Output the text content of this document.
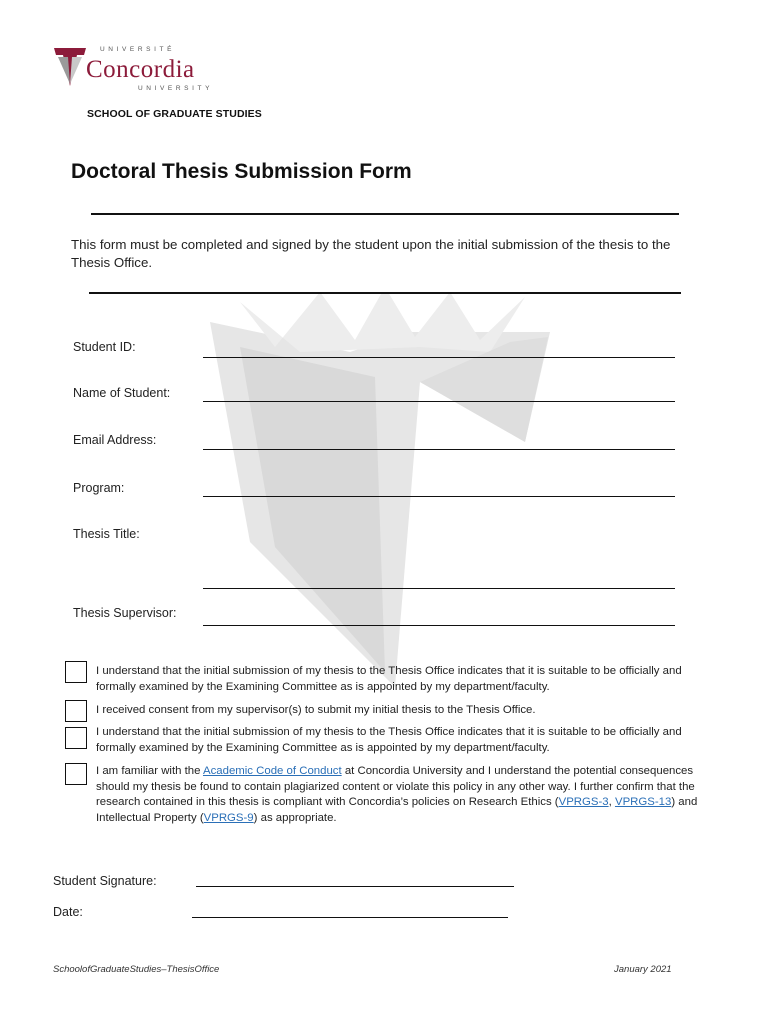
UNIVERSITÉ
Concordia
UNIVERSITY
SCHOOL OF GRADUATE STUDIES
Doctoral Thesis Submission Form
This form must be completed and signed by the student upon the initial submission of the thesis to the Thesis Office.
Student ID:
Name of Student:
Email Address:
Program:
Thesis Title:
Thesis Supervisor:
I understand that the initial submission of my thesis to the Thesis Office indicates that it is suitable to be officially and formally examined by the Examining Committee as is appointed by my department/faculty.
I received consent from my supervisor(s) to submit my initial thesis to the Thesis Office.
I understand that the initial submission of my thesis to the Thesis Office indicates that it is suitable to be officially and formally examined by the Examining Committee as is appointed by my department/faculty.
I am familiar with the Academic Code of Conduct at Concordia University and I understand the potential consequences should my thesis be found to contain plagiarized content or violate this policy in any other way. I further confirm that the research contained in this thesis is compliant with Concordia’s policies on Research Ethics (VPRGS-3, VPRGS-13) and Intellectual Property (VPRGS-9) as appropriate.
Student Signature:
Date:
SchoolofGraduateStudies–ThesisOffice	January 2021
